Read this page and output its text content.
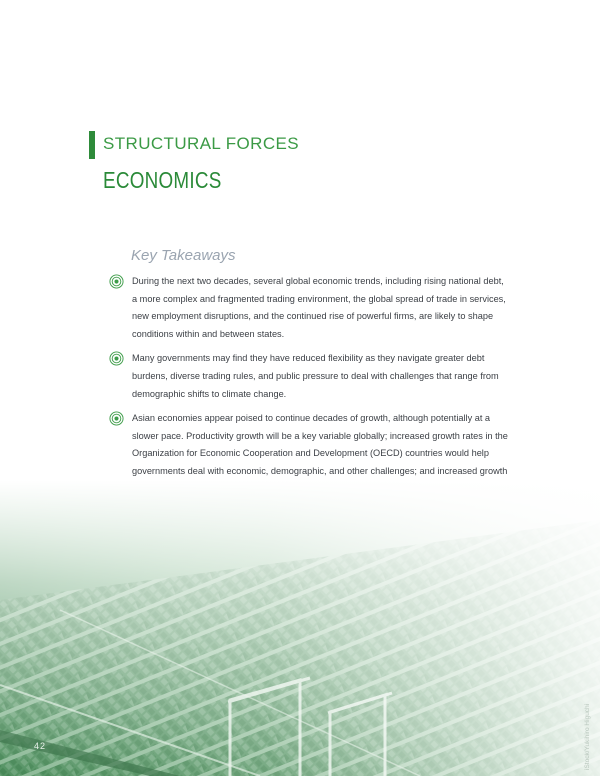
STRUCTURAL FORCES
ECONOMICS
Key Takeaways
During the next two decades, several global economic trends, including rising national debt, a more complex and fragmented trading environment, the global spread of trade in services, new employment disruptions, and the continued rise of powerful firms, are likely to shape conditions within and between states.
Many governments may find they have reduced flexibility as they navigate greater debt burdens, diverse trading rules, and public pressure to deal with challenges that range from demographic shifts to climate change.
Asian economies appear poised to continue decades of growth, although potentially at a slower pace. Productivity growth will be a key variable globally; increased growth rates in the Organization for Economic Cooperation and Development (OECD) countries would help governments deal with economic, demographic, and other challenges; and increased growth
42	iStock/Yukihiro Higuchi
